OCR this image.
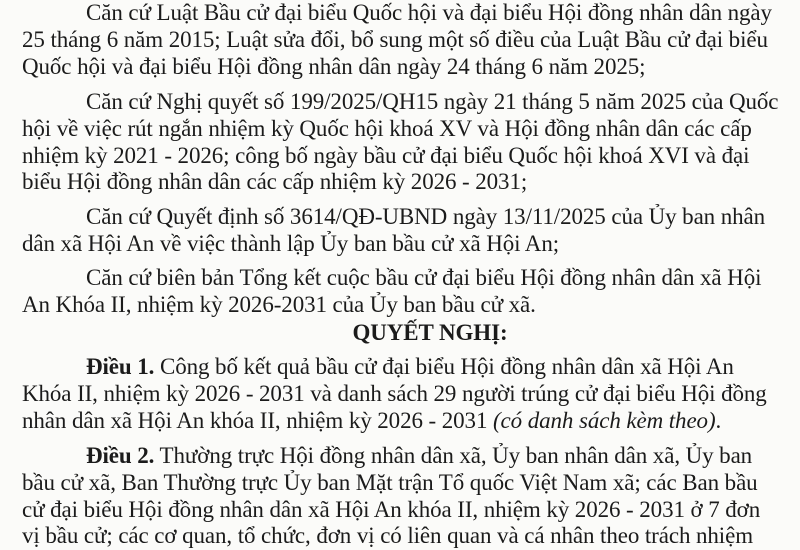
Căn cứ Luật Bầu cử đại biểu Quốc hội và đại biểu Hội đồng nhân dân ngày
25 tháng 6 năm 2015; Luật sửa đổi, bổ sung một số điều của Luật Bầu cử đại biểu
Quốc hội và đại biểu Hội đồng nhân dân ngày 24 tháng 6 năm 2025;
Căn cứ Nghị quyết số 199/2025/QH15 ngày 21 tháng 5 năm 2025 của Quốc
hội về việc rút ngắn nhiệm kỳ Quốc hội khoá XV và Hội đồng nhân dân các cấp
nhiệm kỳ 2021 - 2026; công bố ngày bầu cử đại biểu Quốc hội khoá XVI và đại
biểu Hội đồng nhân dân các cấp nhiệm kỳ 2026 - 2031;
Căn cứ Quyết định số 3614/QĐ-UBND ngày 13/11/2025 của Ủy ban nhân
dân xã Hội An về việc thành lập Ủy ban bầu cử xã Hội An;
Căn cứ biên bản Tổng kết cuộc bầu cử đại biểu Hội đồng nhân dân xã Hội
An Khóa II, nhiệm kỳ 2026-2031 của Ủy ban bầu cử xã.
QUYẾT NGHỊ:
Điều 1. Công bố kết quả bầu cử đại biểu Hội đồng nhân dân xã Hội An
Khóa II, nhiệm kỳ 2026 - 2031 và danh sách 29 người trúng cử đại biểu Hội đồng
nhân dân xã Hội An khóa II, nhiệm kỳ 2026 - 2031 (có danh sách kèm theo).
Điều 2. Thường trực Hội đồng nhân dân xã, Ủy ban nhân dân xã, Ủy ban
bầu cử xã, Ban Thường trực Ủy ban Mặt trận Tổ quốc Việt Nam xã; các Ban bầu
cử đại biểu Hội đồng nhân dân xã Hội An khóa II, nhiệm kỳ 2026 - 2031 ở 7 đơn
vị bầu cử; các cơ quan, tổ chức, đơn vị có liên quan và cá nhân theo trách nhiệm
